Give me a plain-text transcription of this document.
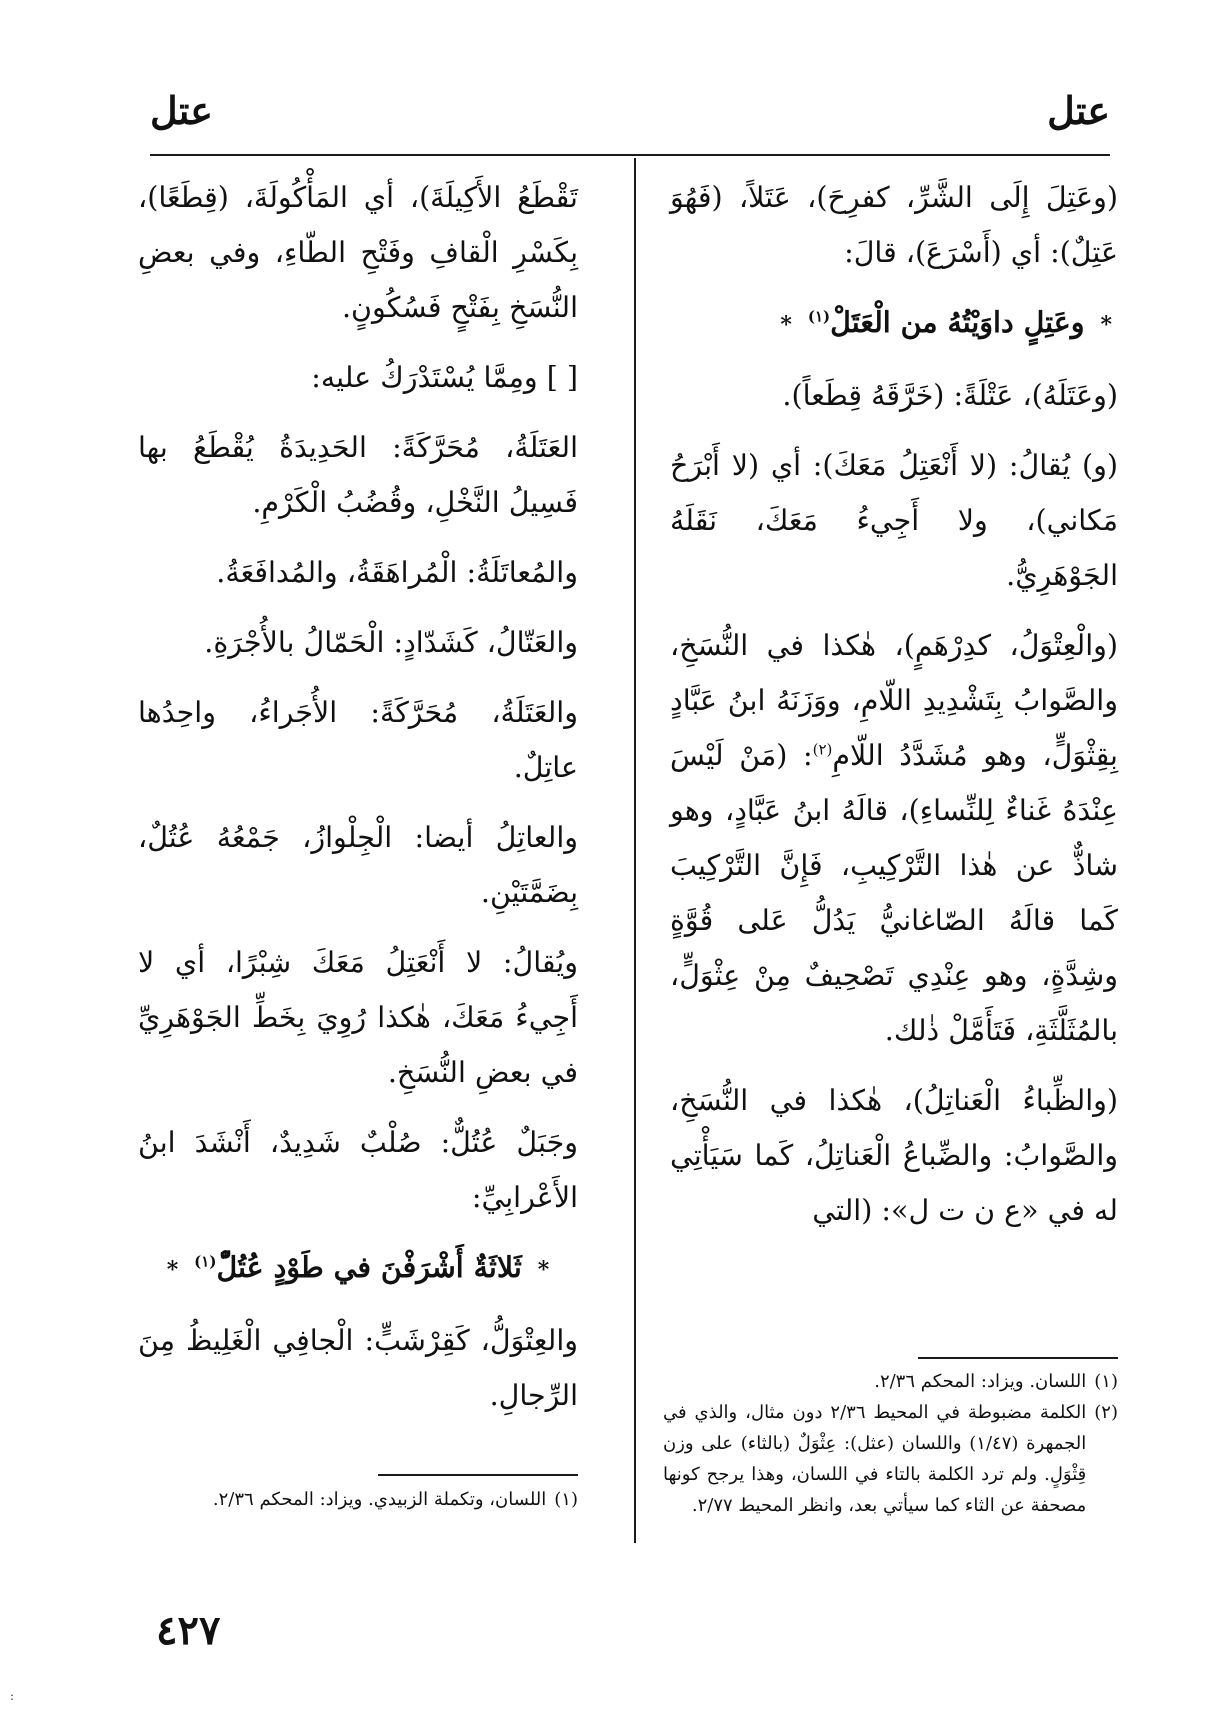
عتل
عتل

(وعَتِلَ إِلَى الشَّرِّ، كفرِحَ)، عَتَلاً، (فَهُوَ عَتِلٌ): أي (أَسْرَعَ)، قالَ:

* وعَتِلٍ داوَيْتُهُ من الْعَتَلْ$^{(١)}$ *

(وعَتَلَهُ)، عَتْلَةً: (خَرَّقَهُ قِطَعاً).

(و) يُقالُ: (لا أَنْعَتِلُ مَعَكَ): أي (لا أَبْرَحُ مَكاني)، ولا أَجِيءُ مَعَكَ، نَقَلَهُ الجَوْهَرِيُّ.

(والْعِتْوَلُ، كدِرْهَمٍ)، هٰكذا في النُّسَخِ، والصَّوابُ بِتَشْدِيدِ اللّامِ، ووَزَنَهُ ابنُ عَبَّادٍ بِقِثْوَلٍّ، وهو مُشَدَّدُ اللّامِ$^{(٢)}$: (مَنْ لَيْسَ عِنْدَهُ غَناءٌ لِلنِّساءِ)، قالَهُ ابنُ عَبَّادٍ، وهو شاذٌّ عن هٰذا التَّرْكِيبِ، فَإِنَّ التَّرْكِيبَ كَما قالَهُ الصّاغانيُّ يَدُلُّ عَلى قُوَّةٍ وشِدَّةٍ، وهو عِنْدِي تَصْحِيفٌ مِنْ عِثْوَلٍّ، بالمُثَلَّثَةِ، فَتَأَمَّلْ ذٰلك.

(والظِّباءُ الْعَناتِلُ)، هٰكذا في النُّسَخِ، والصَّوابُ: والضِّباعُ الْعَناتِلُ، كَما سَيَأْتِي له في «ع ن ت ل»: (التي

تَقْطَعُ الأَكِيلَةَ)، أي المَأْكُولَةَ، (قِطَعًا)، بِكَسْرِ الْقافِ وفَتْحِ الطّاءِ، وفي بعضِ النُّسَخِ بِفَتْحٍ فَسُكُونٍ.

[ ] ومِمَّا يُسْتَدْرَكُ عليه:

العَتَلَةُ، مُحَرَّكَةً: الحَدِيدَةُ يُقْطَعُ بها فَسِيلُ النَّخْلِ، وقُضُبُ الْكَرْمِ.

والمُعاتَلَةُ: الْمُراهَقَةُ، والمُدافَعَةُ.

والعَتّالُ، كَشَدّادٍ: الْحَمّالُ بالأُجْرَةِ.

والعَتَلَةُ، مُحَرَّكَةً: الأُجَراءُ، واحِدُها عاتِلٌ.

والعاتِلُ أيضا: الْجِلْوازُ، جَمْعُهُ عُتُلٌ، بِضَمَّتَيْنِ.

ويُقالُ: لا أَنْعَتِلُ مَعَكَ شِبْرًا، أي لا أَجِيءُ مَعَكَ، هٰكذا رُوِيَ بِخَطِّ الجَوْهَرِيِّ في بعضِ النُّسَخِ.

وجَبَلٌ عُتُلٌّ: صُلْبٌ شَدِيدٌ، أَنْشَدَ ابنُ الأَعْرابِيِّ:

* ثَلاثَةٌ أَشْرَفْنَ في طَوْدٍ عُتُلّْ$^{(١)}$ *

والعِتْوَلُّ، كَقِرْشَبٍّ: الْجافِي الْغَلِيظُ مِنَ الرِّجالِ.	(١)
اللسان. ويزاد: المحكم ٢/٣٦.
(٢)
الكلمة مضبوطة في المحيط ٢/٣٦ دون مثال، والذي في الجمهرة (١/٤٧) واللسان (عثل): عِثْوَلٌ (بالثاء) على وزن قِثْوَلٍ. ولم ترد الكلمة بالتاء في اللسان، وهذا يرجح كونها مصحفة عن الثاء كما سيأتي بعد، وانظر المحيط ٢/٧٧.
(١)
اللسان، وتكملة الزبيدي. ويزاد: المحكم ٢/٣٦.
٤٢٧
:
